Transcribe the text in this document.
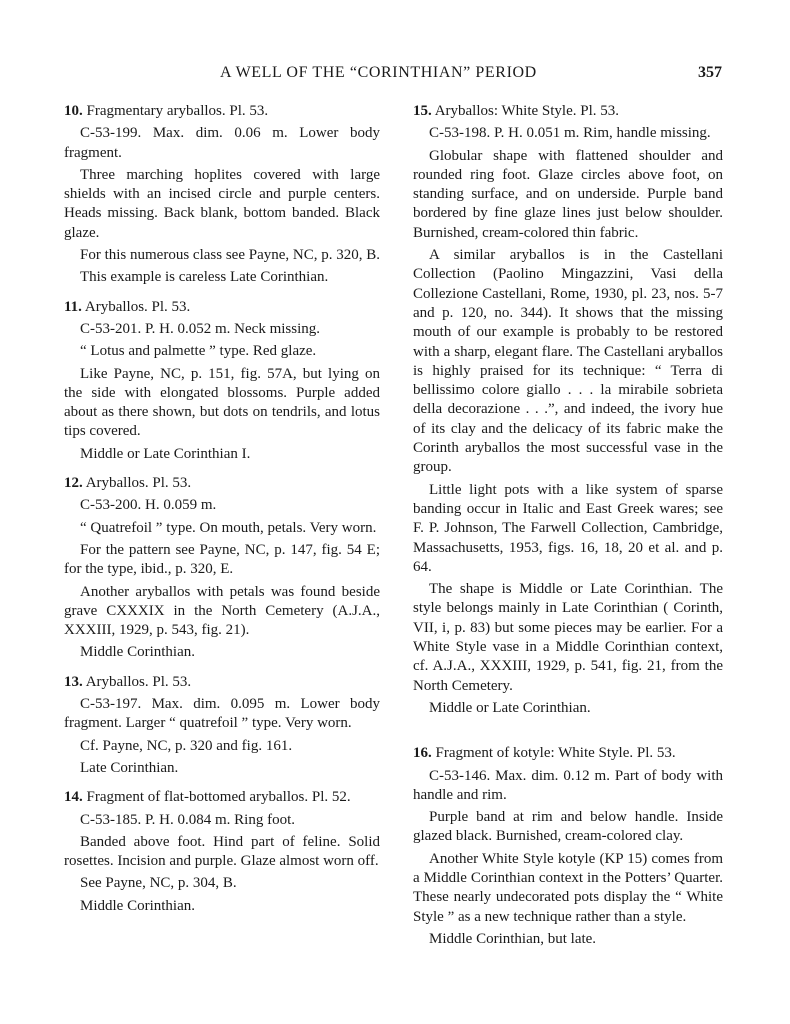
A WELL OF THE “CORINTHIAN” PERIOD	357

10. Fragmentary aryballos. Pl. 53.

C-53-199. Max. dim. 0.06 m. Lower body fragment.

Three marching hoplites covered with large shields with an incised circle and purple centers. Heads missing. Back blank, bottom banded. Black glaze.

For this numerous class see Payne, NC, p. 320, B.

This example is careless Late Corinthian.

11. Aryballos. Pl. 53.

C-53-201. P. H. 0.052 m. Neck missing.

“ Lotus and palmette ” type. Red glaze.

Like Payne, NC, p. 151, fig. 57A, but lying on the side with elongated blossoms. Purple added about as there shown, but dots on tendrils, and lotus tips covered.

Middle or Late Corinthian I.

12. Aryballos. Pl. 53.

C-53-200. H. 0.059 m.

“ Quatrefoil ” type. On mouth, petals. Very worn.

For the pattern see Payne, NC, p. 147, fig. 54 E; for the type, ibid., p. 320, E.

Another aryballos with petals was found beside grave CXXXIX in the North Cemetery (A.J.A., XXXIII, 1929, p. 543, fig. 21).

Middle Corinthian.

13. Aryballos. Pl. 53.

C-53-197. Max. dim. 0.095 m. Lower body fragment. Larger “ quatrefoil ” type. Very worn.

Cf. Payne, NC, p. 320 and fig. 161.

Late Corinthian.

14. Fragment of flat-bottomed aryballos. Pl. 52.

C-53-185. P. H. 0.084 m. Ring foot.

Banded above foot. Hind part of feline. Solid rosettes. Incision and purple. Glaze almost worn off.

See Payne, NC, p. 304, B.

Middle Corinthian.

15. Aryballos: White Style. Pl. 53.

C-53-198. P. H. 0.051 m. Rim, handle missing.

Globular shape with flattened shoulder and rounded ring foot. Glaze circles above foot, on standing surface, and on underside. Purple band bordered by fine glaze lines just below shoulder. Burnished, cream-colored thin fabric.

A similar aryballos is in the Castellani Collection (Paolino Mingazzini, Vasi della Collezione Castellani, Rome, 1930, pl. 23, nos. 5-7 and p. 120, no. 344). It shows that the missing mouth of our example is probably to be restored with a sharp, elegant flare. The Castellani aryballos is highly praised for its technique: “ Terra di bellissimo colore giallo . . . la mirabile sobrieta della decorazione . . .”, and indeed, the ivory hue of its clay and the delicacy of its fabric make the Corinth aryballos the most successful vase in the group.

Little light pots with a like system of sparse banding occur in Italic and East Greek wares; see F. P. Johnson, The Farwell Collection, Cambridge, Massachusetts, 1953, figs. 16, 18, 20 et al. and p. 64.

The shape is Middle or Late Corinthian. The style belongs mainly in Late Corinthian ( Corinth, VII, i, p. 83) but some pieces may be earlier. For a White Style vase in a Middle Corinthian context, cf. A.J.A., XXXIII, 1929, p. 541, fig. 21, from the North Cemetery.

Middle or Late Corinthian.

16. Fragment of kotyle: White Style. Pl. 53.

C-53-146. Max. dim. 0.12 m. Part of body with handle and rim.

Purple band at rim and below handle. Inside glazed black. Burnished, cream-colored clay.

Another White Style kotyle (KP 15) comes from a Middle Corinthian context in the Potters’ Quarter. These nearly undecorated pots display the “ White Style ” as a new technique rather than a style.

Middle Corinthian, but late.
